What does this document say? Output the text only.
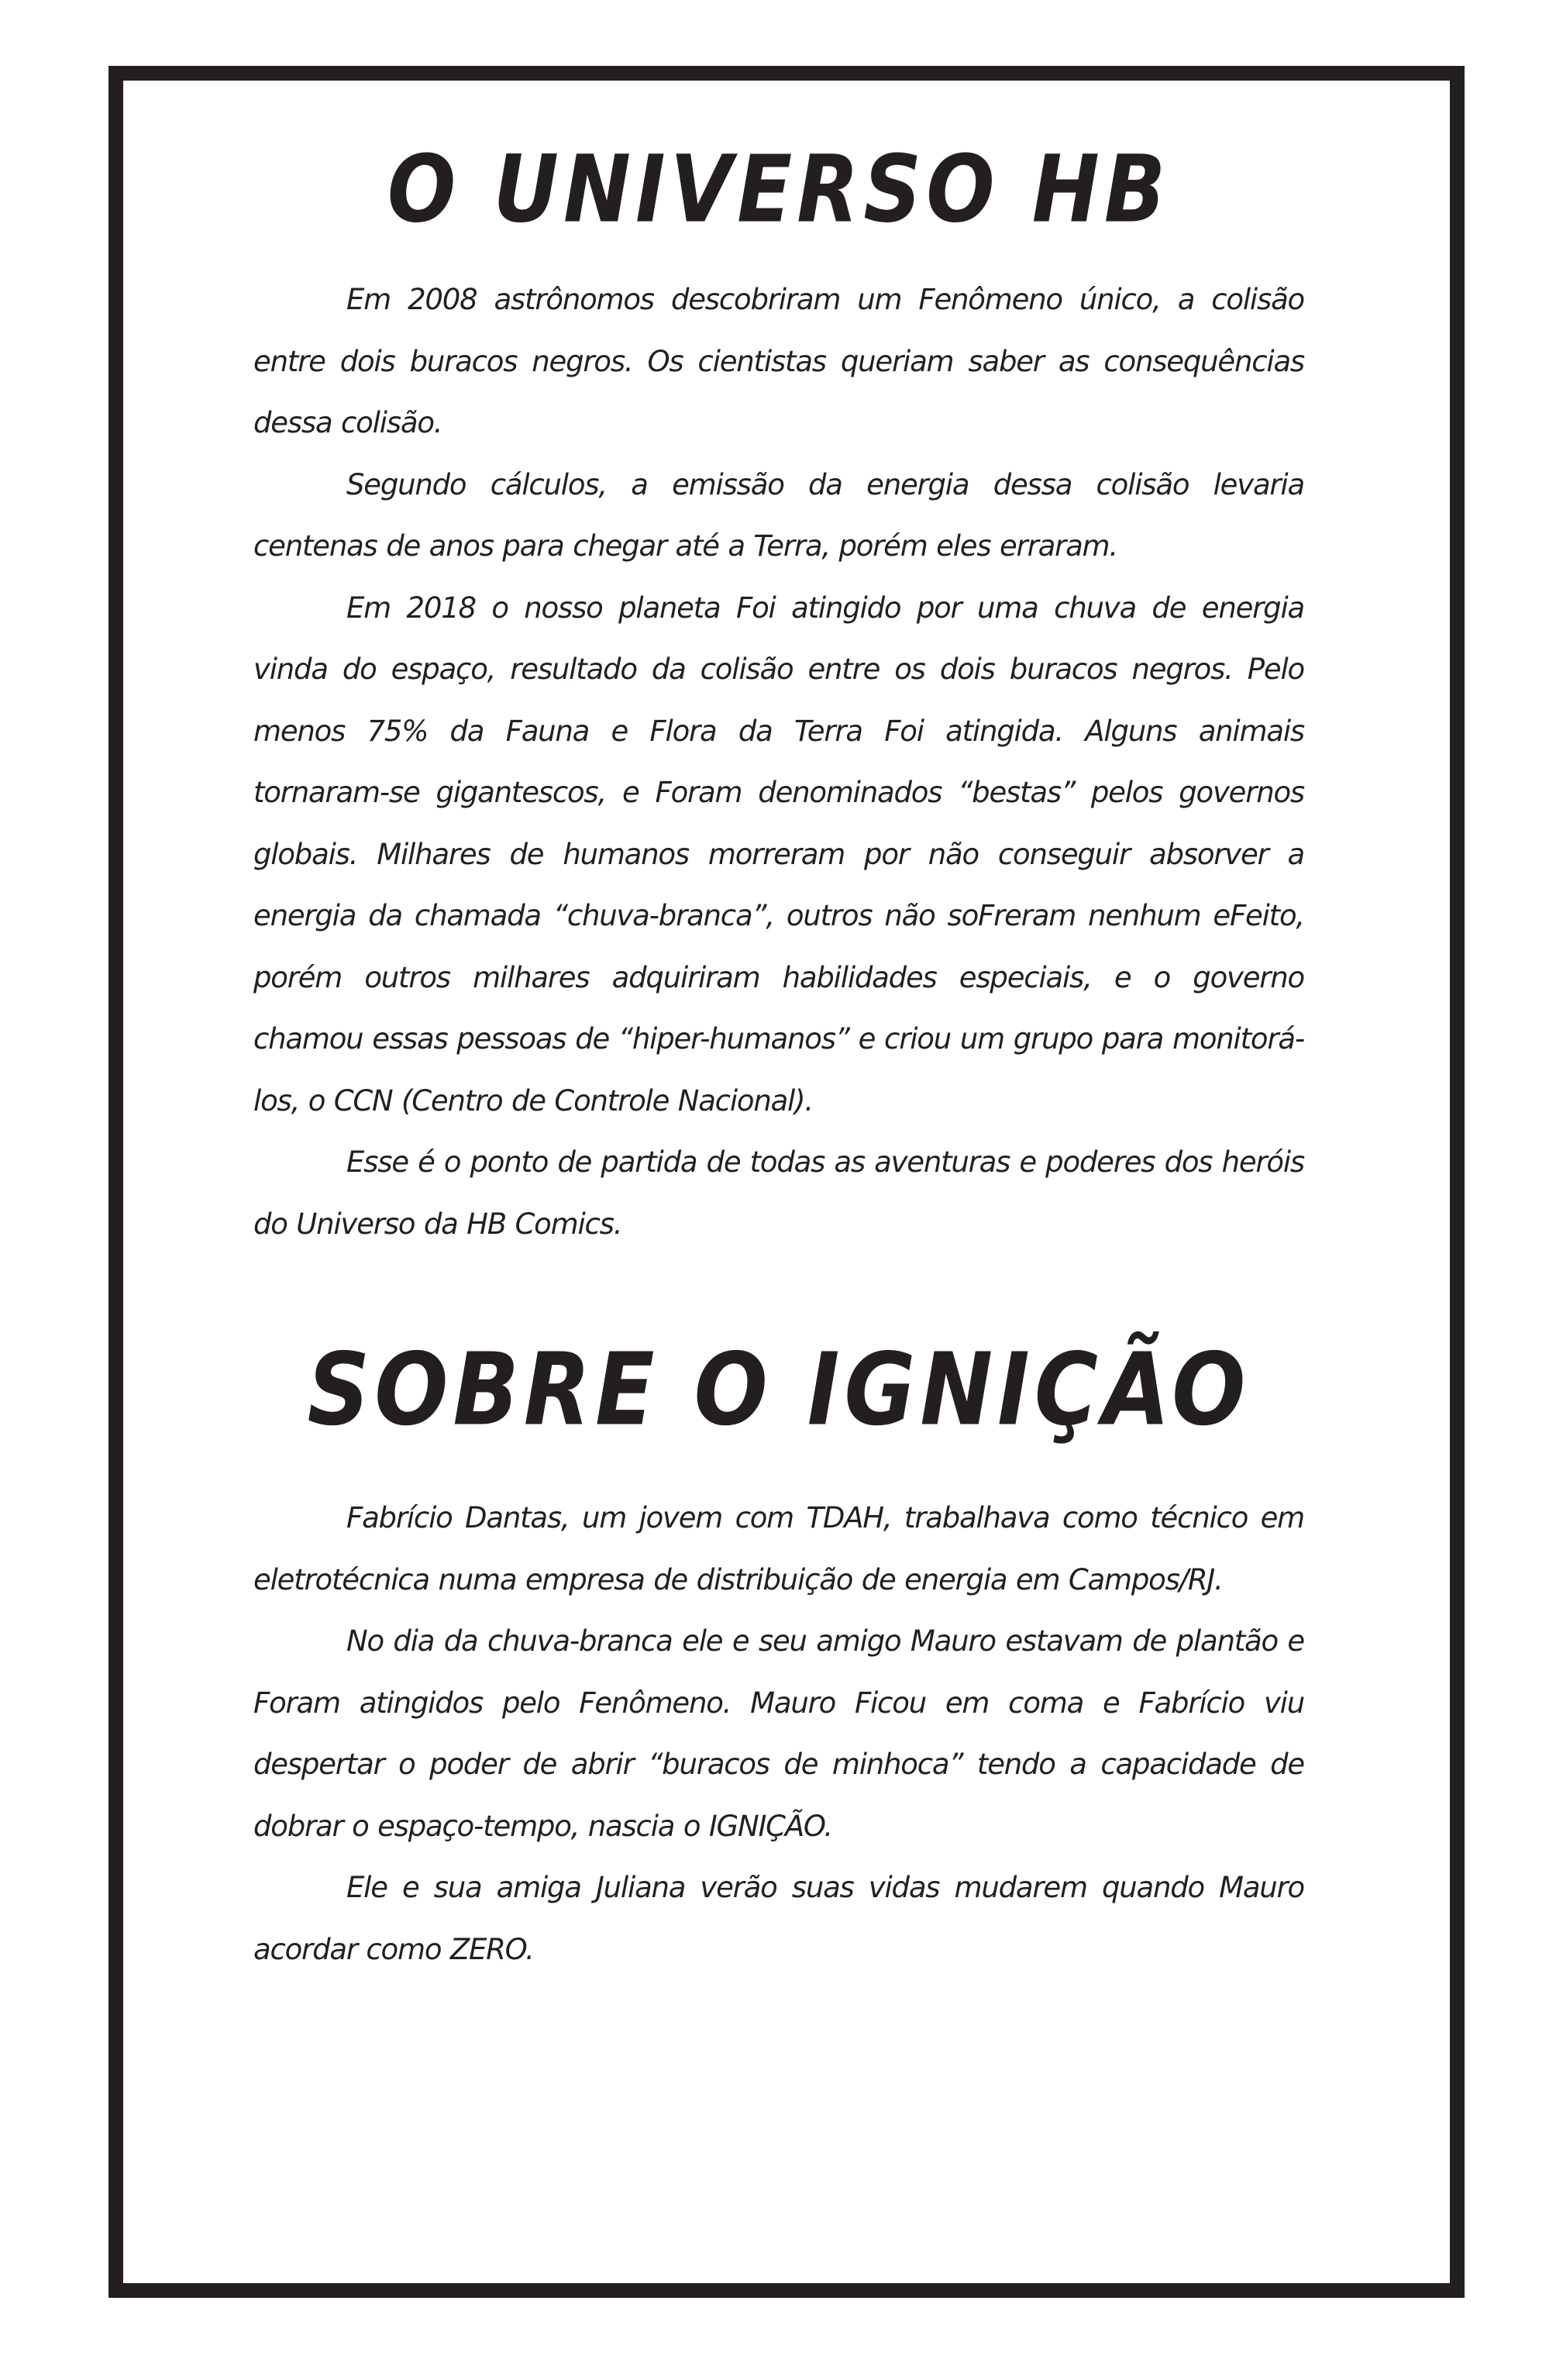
O UNIVERSO HB

Em 2008 astrônomos descobriram um Fenômeno único, a colisão entre dois buracos negros. Os cientistas queriam saber as consequências dessa colisão.

Segundo cálculos, a emissão da energia dessa colisão levaria centenas de anos para chegar até a Terra, porém eles erraram.

Em 2018 o nosso planeta Foi atingido por uma chuva de energia vinda do espaço, resultado da colisão entre os dois buracos negros. Pelo menos 75% da Fauna e Flora da Terra Foi atingida. Alguns animais tornaram-se gigantescos, e Foram denominados “bestas” pelos governos globais. Milhares de humanos morreram por não conseguir absorver a energia da chamada “chuva-branca”, outros não soFreram nenhum eFeito, porém outros milhares adquiriram habilidades especiais, e o governo chamou essas pessoas de “hiper-humanos” e criou um grupo para monitorá-los, o CCN (Centro de Controle Nacional).

Esse é o ponto de partida de todas as aventuras e poderes dos heróis do Universo da HB Comics.

SOBRE O IGNIÇÃO

Fabrício Dantas, um jovem com TDAH, trabalhava como técnico em eletrotécnica numa empresa de distribuição de energia em Campos/RJ.

No dia da chuva-branca ele e seu amigo Mauro estavam de plantão e Foram atingidos pelo Fenômeno. Mauro Ficou em coma e Fabrício viu despertar o poder de abrir “buracos de minhoca” tendo a capacidade de dobrar o espaço-tempo, nascia o IGNIÇÃO.

Ele e sua amiga Juliana verão suas vidas mudarem quando Mauro acordar como ZERO.
